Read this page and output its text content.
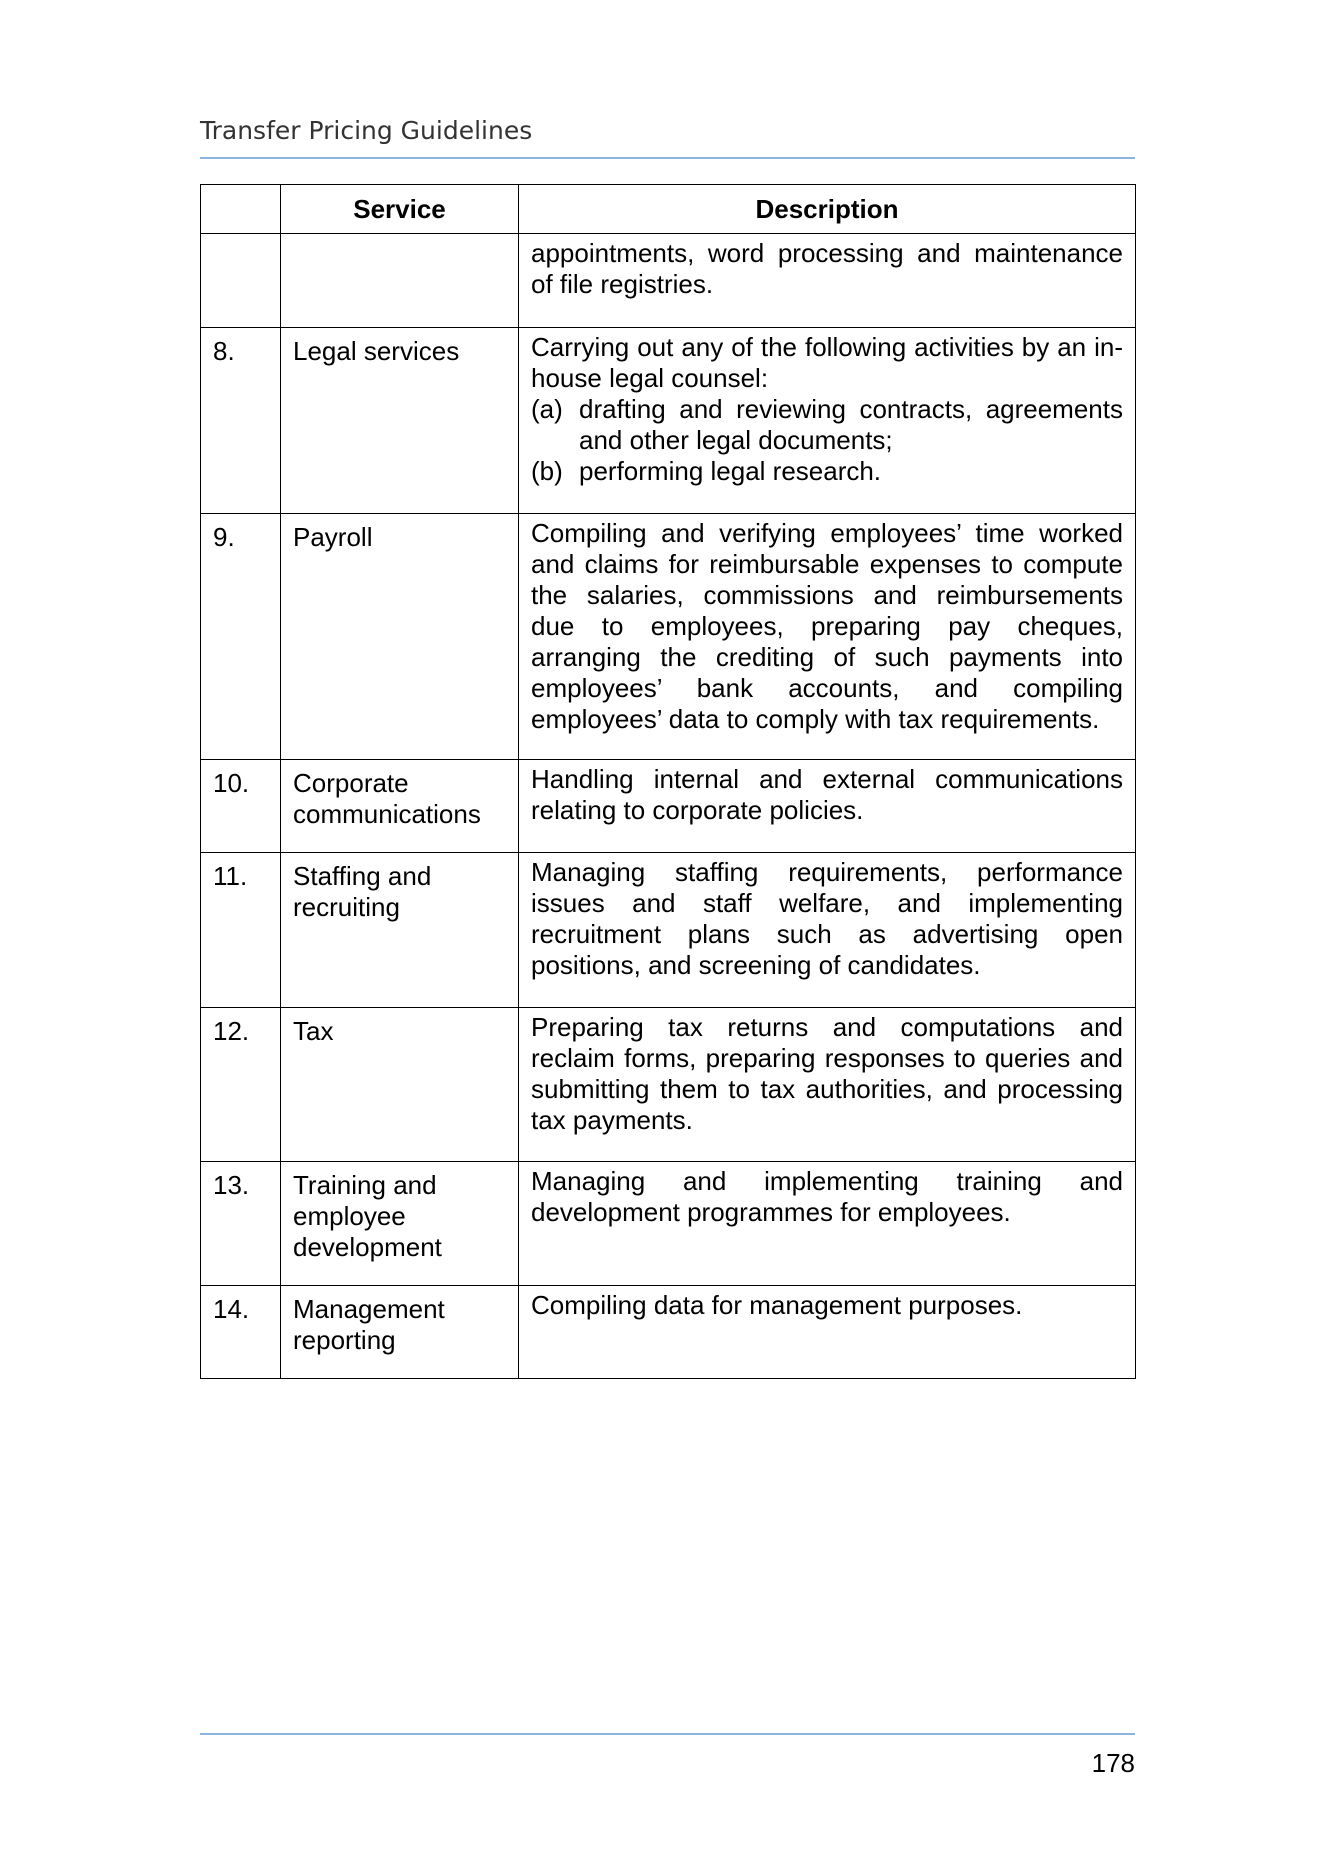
Transfer Pricing Guidelines
	Service	Description

		appointments, word processing and maintenance of file registries.

8.	Legal services	Carrying out any of the following activities by an in-house legal counsel:

(a) drafting and reviewing contracts, agreements and other legal documents;
(b) performing legal research.

9.	Payroll	Compiling and verifying employees’ time worked and claims for reimbursable expenses to compute the salaries, commissions and reimbursements due to employees, preparing pay cheques, arranging the crediting of such payments into employees’ bank accounts, and compiling employees’ data to comply with tax requirements.

10.	Corporate communications	Handling internal and external communications relating to corporate policies.

11.	Staffing and recruiting	Managing staffing requirements, performance issues and staff welfare, and implementing recruitment plans such as advertising open positions, and screening of candidates.

12.	Tax	Preparing tax returns and computations and reclaim forms, preparing responses to queries and submitting them to tax authorities, and processing tax payments.

13.	Training and employee development	Managing and implementing training and development programmes for employees.

14.	Management reporting	Compiling data for management purposes.

178
